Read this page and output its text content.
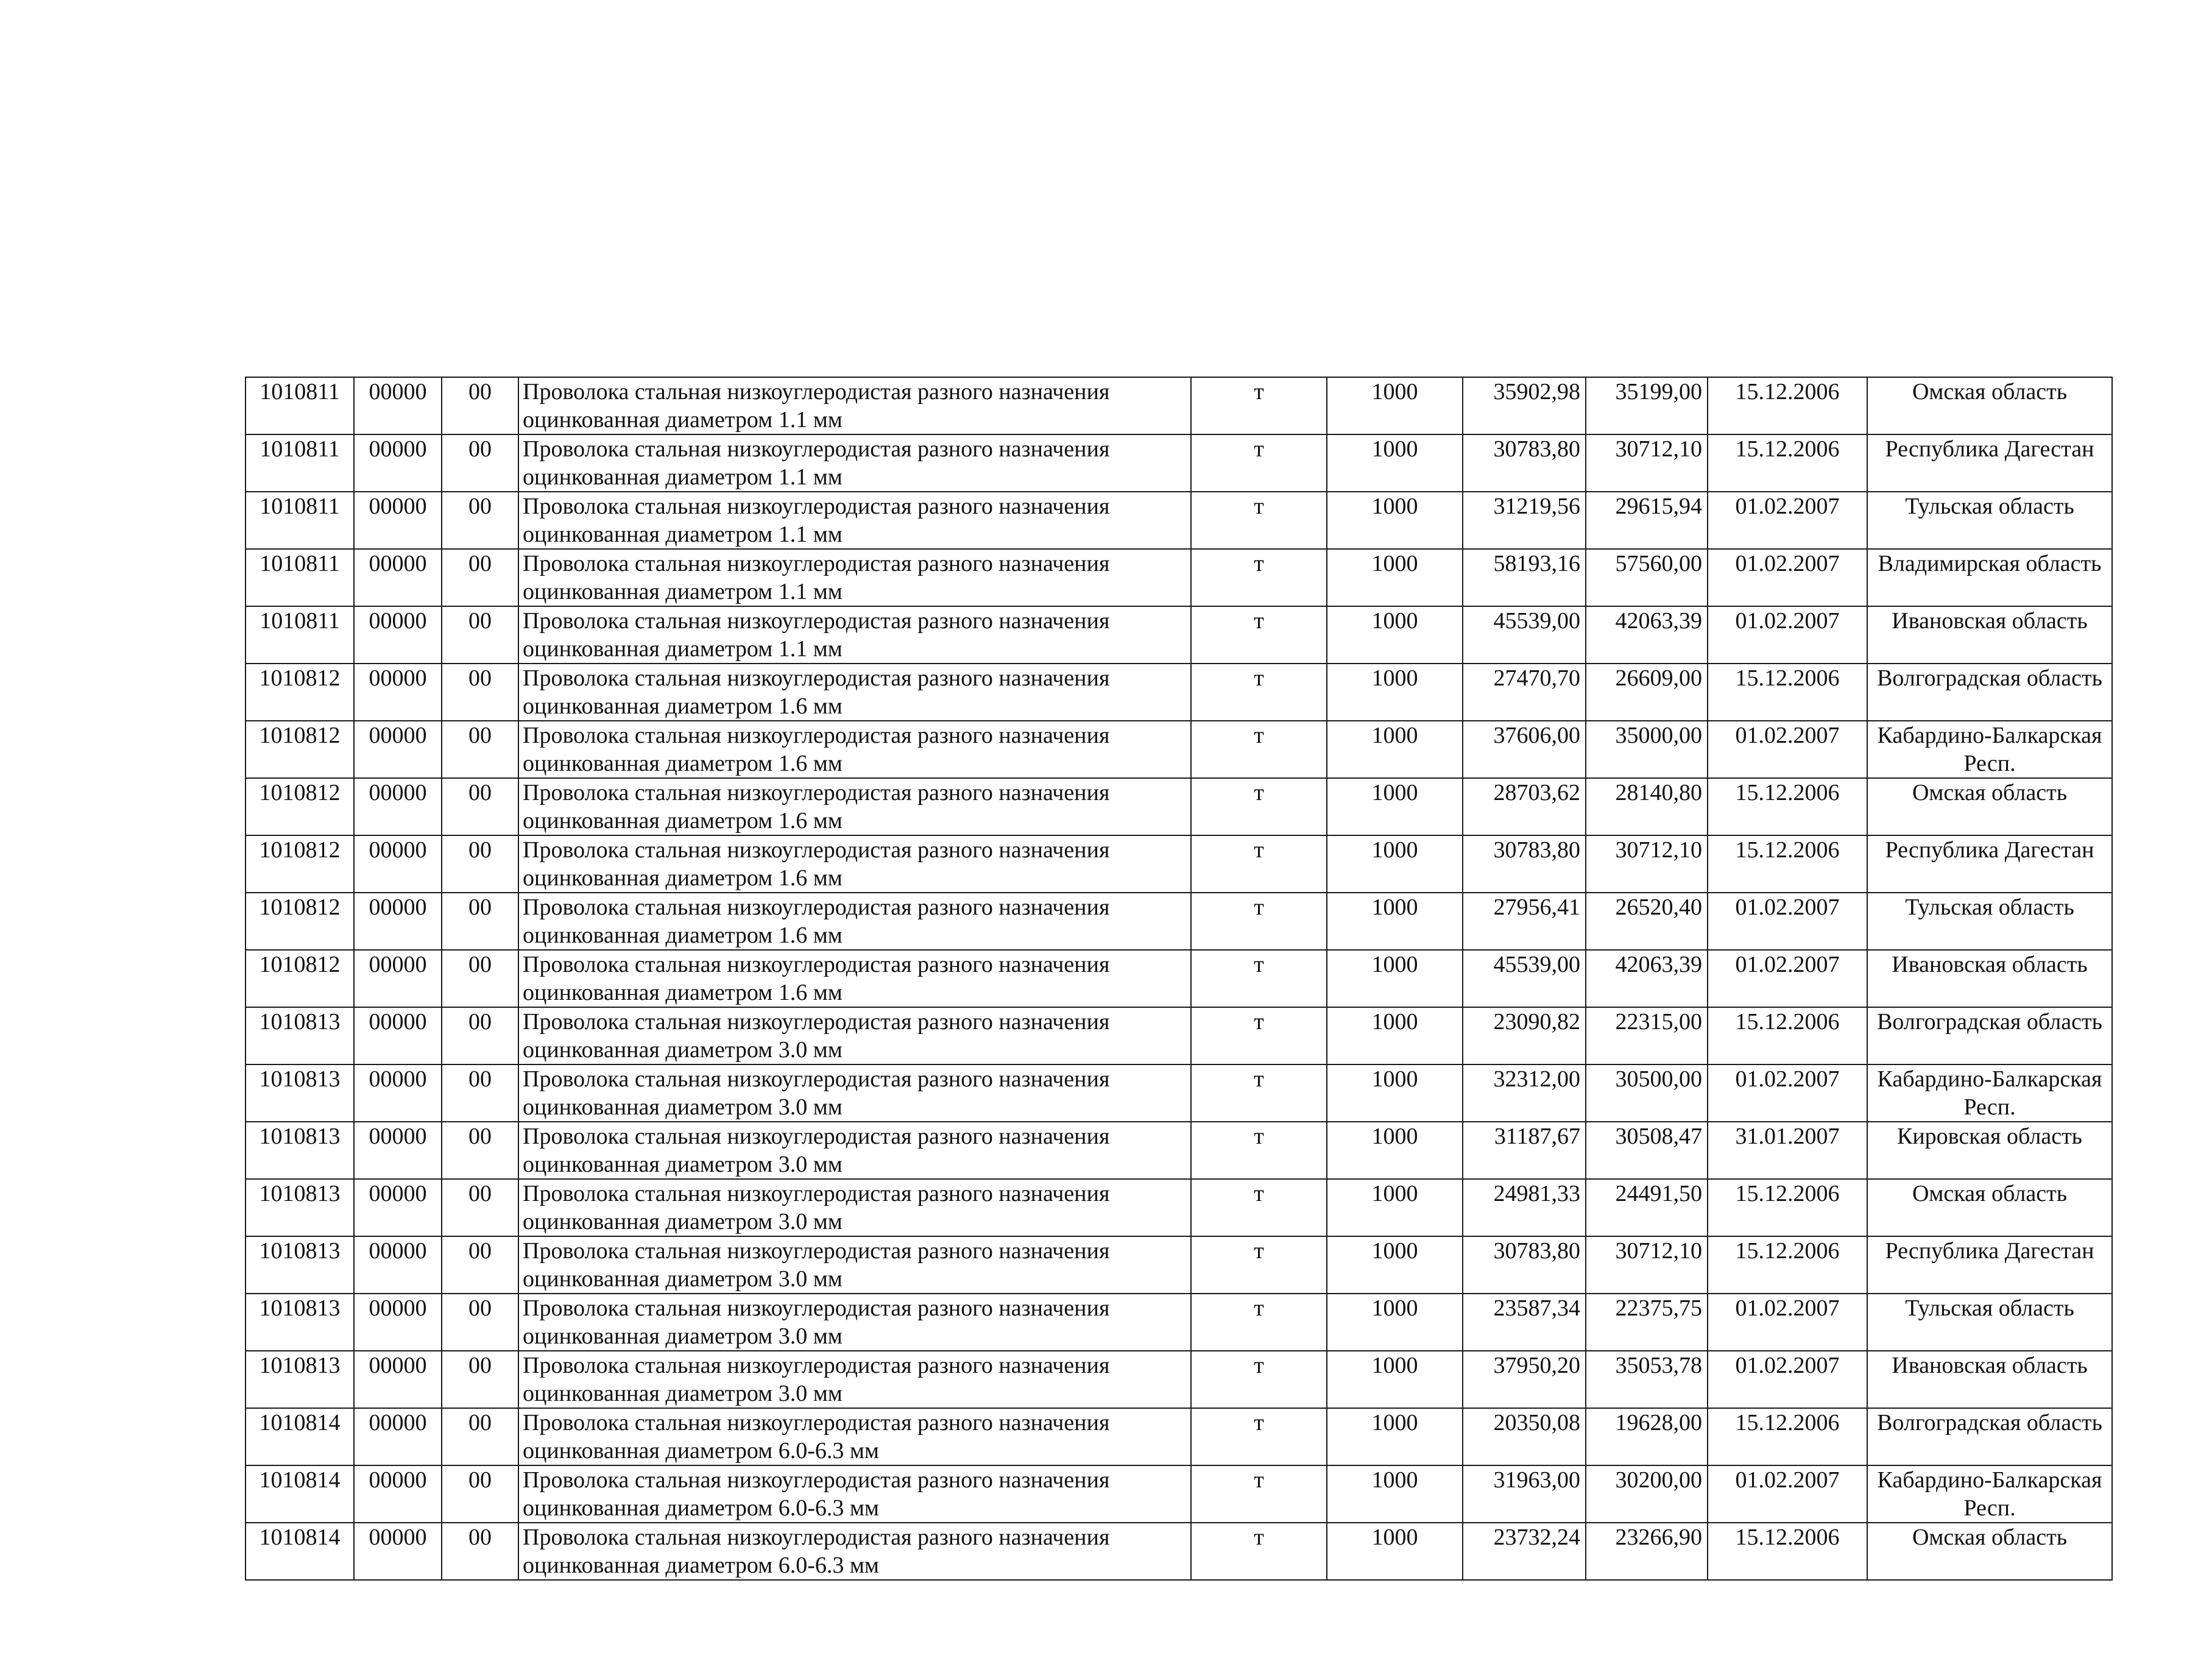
1010811	00000	00	Проволока стальная низкоуглеродистая разного назначения оцинкованная диаметром 1.1 мм	т	1000	35902,98	35199,00	15.12.2006	Омская область
1010811	00000	00	Проволока стальная низкоуглеродистая разного назначения оцинкованная диаметром 1.1 мм	т	1000	30783,80	30712,10	15.12.2006	Республика Дагестан
1010811	00000	00	Проволока стальная низкоуглеродистая разного назначения оцинкованная диаметром 1.1 мм	т	1000	31219,56	29615,94	01.02.2007	Тульская область
1010811	00000	00	Проволока стальная низкоуглеродистая разного назначения оцинкованная диаметром 1.1 мм	т	1000	58193,16	57560,00	01.02.2007	Владимирская область
1010811	00000	00	Проволока стальная низкоуглеродистая разного назначения оцинкованная диаметром 1.1 мм	т	1000	45539,00	42063,39	01.02.2007	Ивановская область
1010812	00000	00	Проволока стальная низкоуглеродистая разного назначения оцинкованная диаметром 1.6 мм	т	1000	27470,70	26609,00	15.12.2006	Волгоградская область
1010812	00000	00	Проволока стальная низкоуглеродистая разного назначения оцинкованная диаметром 1.6 мм	т	1000	37606,00	35000,00	01.02.2007	Кабардино-Балкарская Респ.
1010812	00000	00	Проволока стальная низкоуглеродистая разного назначения оцинкованная диаметром 1.6 мм	т	1000	28703,62	28140,80	15.12.2006	Омская область
1010812	00000	00	Проволока стальная низкоуглеродистая разного назначения оцинкованная диаметром 1.6 мм	т	1000	30783,80	30712,10	15.12.2006	Республика Дагестан
1010812	00000	00	Проволока стальная низкоуглеродистая разного назначения оцинкованная диаметром 1.6 мм	т	1000	27956,41	26520,40	01.02.2007	Тульская область
1010812	00000	00	Проволока стальная низкоуглеродистая разного назначения оцинкованная диаметром 1.6 мм	т	1000	45539,00	42063,39	01.02.2007	Ивановская область
1010813	00000	00	Проволока стальная низкоуглеродистая разного назначения оцинкованная диаметром 3.0 мм	т	1000	23090,82	22315,00	15.12.2006	Волгоградская область
1010813	00000	00	Проволока стальная низкоуглеродистая разного назначения оцинкованная диаметром 3.0 мм	т	1000	32312,00	30500,00	01.02.2007	Кабардино-Балкарская Респ.
1010813	00000	00	Проволока стальная низкоуглеродистая разного назначения оцинкованная диаметром 3.0 мм	т	1000	31187,67	30508,47	31.01.2007	Кировская область
1010813	00000	00	Проволока стальная низкоуглеродистая разного назначения оцинкованная диаметром 3.0 мм	т	1000	24981,33	24491,50	15.12.2006	Омская область
1010813	00000	00	Проволока стальная низкоуглеродистая разного назначения оцинкованная диаметром 3.0 мм	т	1000	30783,80	30712,10	15.12.2006	Республика Дагестан
1010813	00000	00	Проволока стальная низкоуглеродистая разного назначения оцинкованная диаметром 3.0 мм	т	1000	23587,34	22375,75	01.02.2007	Тульская область
1010813	00000	00	Проволока стальная низкоуглеродистая разного назначения оцинкованная диаметром 3.0 мм	т	1000	37950,20	35053,78	01.02.2007	Ивановская область
1010814	00000	00	Проволока стальная низкоуглеродистая разного назначения оцинкованная диаметром 6.0-6.3 мм	т	1000	20350,08	19628,00	15.12.2006	Волгоградская область
1010814	00000	00	Проволока стальная низкоуглеродистая разного назначения оцинкованная диаметром 6.0-6.3 мм	т	1000	31963,00	30200,00	01.02.2007	Кабардино-Балкарская Респ.
1010814	00000	00	Проволока стальная низкоуглеродистая разного назначения оцинкованная диаметром 6.0-6.3 мм	т	1000	23732,24	23266,90	15.12.2006	Омская область
